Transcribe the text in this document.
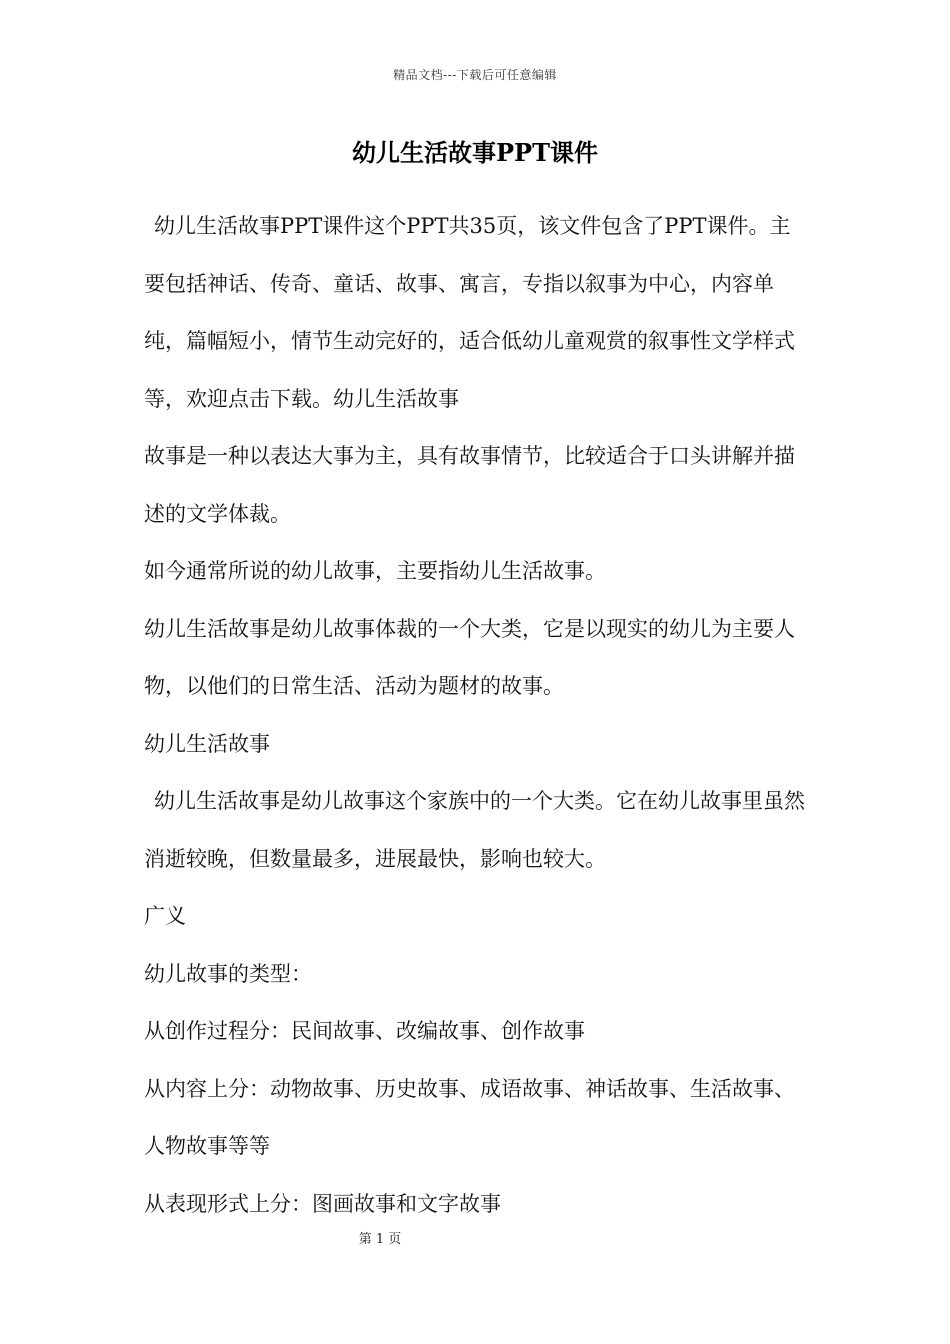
精品文档---下载后可任意编辑
幼儿生活故事PPT课件

幼儿生活故事PPT课件这个PPT共35页，该文件包含了PPT课件。主要包括神话、传奇、童话、故事、寓言，专指以叙事为中心，内容单纯，篇幅短小，情节生动完好的，适合低幼儿童观赏的叙事性文学样式等，欢迎点击下载。幼儿生活故事

故事是一种以表达大事为主，具有故事情节，比较适合于口头讲解并描述的文学体裁。

如今通常所说的幼儿故事，主要指幼儿生活故事。

幼儿生活故事是幼儿故事体裁的一个大类，它是以现实的幼儿为主要人物，以他们的日常生活、活动为题材的故事。

幼儿生活故事

幼儿生活故事是幼儿故事这个家族中的一个大类。它在幼儿故事里虽然消逝较晚，但数量最多，进展最快，影响也较大。

广义

幼儿故事的类型：

从创作过程分：民间故事、改编故事、创作故事

从内容上分：动物故事、历史故事、成语故事、神话故事、生活故事、人物故事等等

从表现形式上分：图画故事和文字故事

第 1 页
